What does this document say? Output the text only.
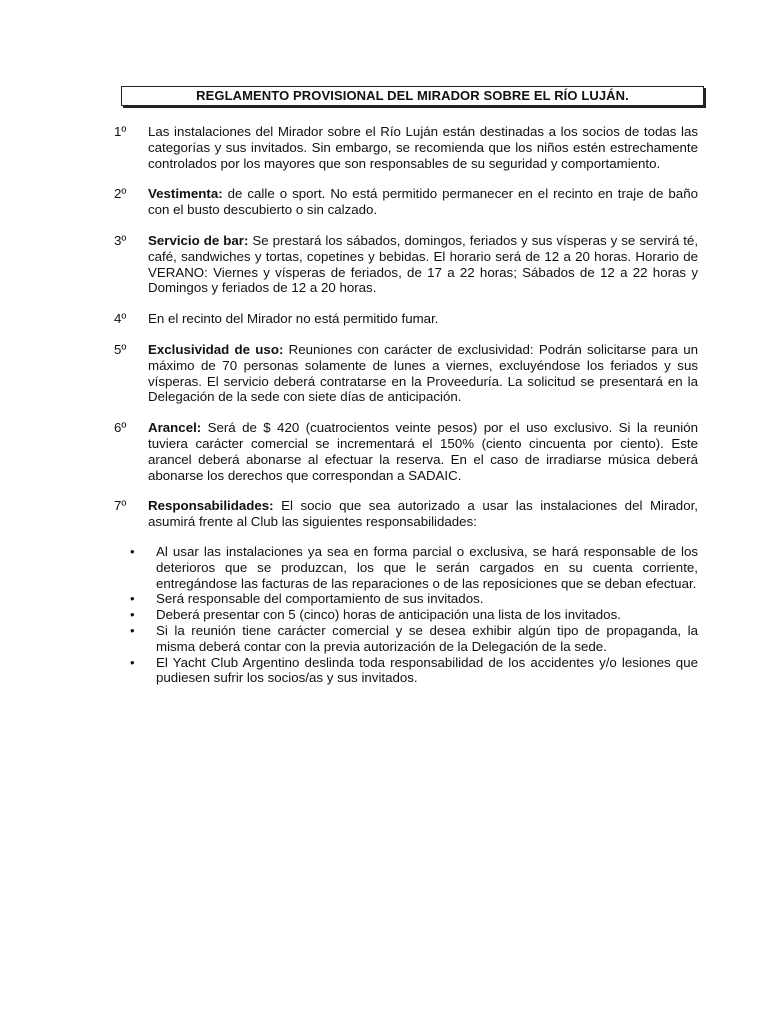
REGLAMENTO PROVISIONAL DEL MIRADOR SOBRE EL RÍO LUJÁN.
1º	Las instalaciones del Mirador sobre el Río Luján están destinadas a los socios de todas las categorías y sus invitados. Sin embargo, se recomienda que los niños estén estrechamente controlados por los mayores que son responsables de su seguridad y comportamiento.
2º	Vestimenta: de calle o sport. No está permitido permanecer en el recinto en traje de baño con el busto descubierto o sin calzado.
3º	Servicio de bar: Se prestará los sábados, domingos, feriados y sus vísperas y se servirá té, café, sandwiches y tortas, copetines y bebidas. El horario será de 12 a 20 horas. Horario de VERANO: Viernes y vísperas de feriados, de 17 a 22 horas; Sábados de 12 a 22 horas y Domingos y feriados de 12 a 20 horas.
4º	En el recinto del Mirador no está permitido fumar.
5º	Exclusividad de uso: Reuniones con carácter de exclusividad: Podrán solicitarse para un máximo de 70 personas solamente de lunes a viernes, excluyéndose los feriados y sus vísperas. El servicio deberá contratarse en la Proveeduría. La solicitud se presentará en la Delegación de la sede con siete días de anticipación.
6º	Arancel: Será de $ 420 (cuatrocientos veinte pesos) por el uso exclusivo. Si la reunión tuviera carácter comercial se incrementará el 150% (ciento cincuenta por ciento). Este arancel deberá abonarse al efectuar la reserva. En el caso de irradiarse música deberá abonarse los derechos que correspondan a SADAIC.
7º	Responsabilidades: El socio que sea autorizado a usar las instalaciones del Mirador, asumirá frente al Club las siguientes responsabilidades:
•	Al usar las instalaciones ya sea en forma parcial o exclusiva, se hará responsable de los deterioros que se produzcan, los que le serán cargados en su cuenta corriente, entregándose las facturas de las reparaciones o de las reposiciones que se deban efectuar.
•	Será responsable del comportamiento de sus invitados.
•	Deberá presentar con 5 (cinco) horas de anticipación una lista de los invitados.
•	Si la reunión tiene carácter comercial y se desea exhibir algún tipo de propaganda, la misma deberá contar con la previa autorización de la Delegación de la sede.
•	El Yacht Club Argentino deslinda toda responsabilidad de los accidentes y/o lesiones que pudiesen sufrir los socios/as y sus invitados.
